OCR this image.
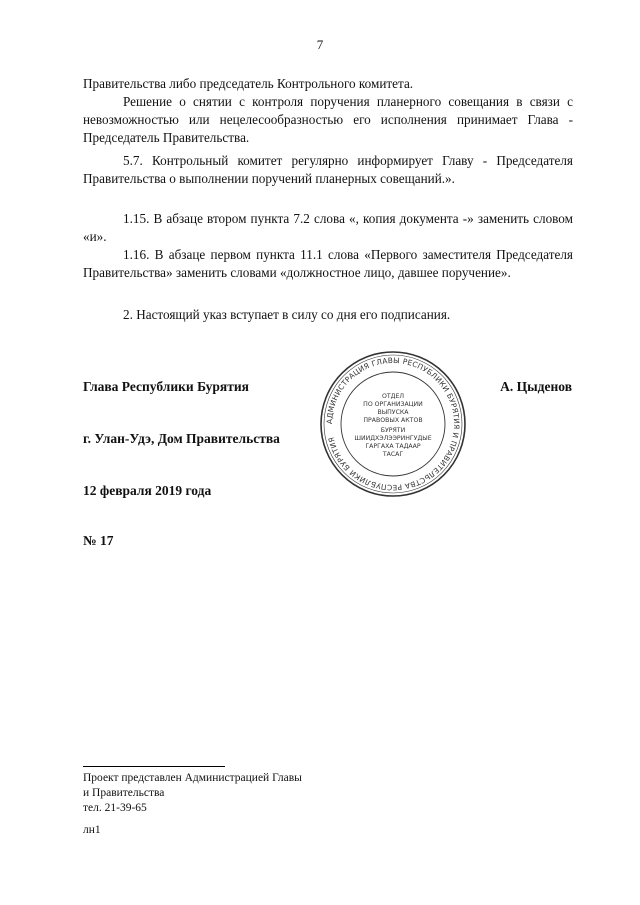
7

Правительства либо председатель Контрольного комитета.

Решение о снятии с контроля поручения планерного совещания в связи с невозможностью или нецелесообразностью его исполнения принимает Глава - Председатель Правительства.

5.7. Контрольный комитет регулярно информирует Главу - Председателя Правительства о выполнении поручений планерных совещаний.».

1.15. В абзаце втором пункта 7.2 слова «, копия документа -» заменить словом «и».

1.16. В абзаце первом пункта 11.1 слова «Первого заместителя Председателя Правительства» заменить словами «должностное лицо, давшее поручение».

2. Настоящий указ вступает в силу со дня его подписания.

Глава Республики Бурятия	А. Цыденов
г. Улан-Удэ, Дом Правительства
12 февраля 2019 года
№ 17
АДМИНИСТРАЦИЯ ГЛАВЫ РЕСПУБЛИКИ БУРЯТИЯ И ПРАВИТЕЛЬСТВА РЕСПУБЛИКИ БУРЯТИЯ
ОТДЕЛ
ПО ОРГАНИЗАЦИИ
ВЫПУСКА
ПРАВОВЫХ АКТОВ
БУРЯТИ
ШИИДХЭЛЭЭРИНГУДЫЕ
ГАРГАХА ТАДААР
ТАСАГ
Проект представлен Администрацией Главы
и Правительства
тел. 21-39-65
лн1
